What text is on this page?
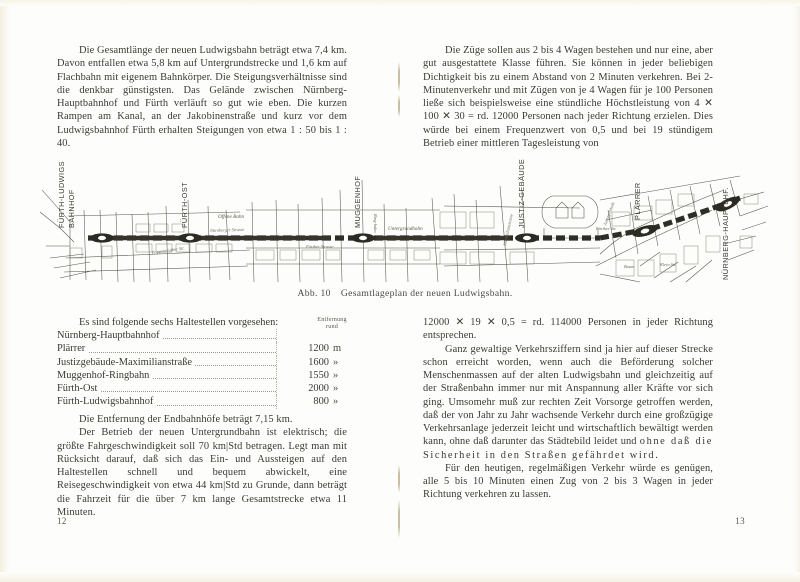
Die Gesamtlänge der neuen Ludwigsbahn beträgt etwa 7,4 km. Davon entfallen etwa 5,8 km auf Untergrundstrecke und 1,6 km auf Flachbahn mit eigenem Bahnkörper. Die Steigungsverhältnisse sind die denkbar günstigsten. Das Gelände zwischen Nürnberg-Hauptbahnhof und Fürth verläuft so gut wie eben. Die kurzen Rampen am Kanal, an der Jakobinenstraße und kurz vor dem Ludwigsbahnhof Fürth erhalten Steigungen von etwa 1 : 50 bis 1 : 40.

Die Züge sollen aus 2 bis 4 Wagen bestehen und nur eine, aber gut ausgestattete Klasse führen. Sie können in jeder beliebigen Dichtigkeit bis zu einem Abstand von 2 Minuten verkehren. Bei 2-Minutenverkehr und mit Zügen von je 4 Wagen für je 100 Personen ließe sich beispielsweise eine stündliche Höchstleistung von 4 ✕ 100 ✕ 30 = rd. 12000 Personen nach jeder Richtung erzielen. Dies würde bei einem Frequenzwert von 0,5 und bei 19 stündigem Betrieb einer mittleren Tagesleistung von

FÜRTH-LUDWIGS BAHNHOF	FÜRTH-OST	MUGGENHOF	JUSTIZ-GEBÄUDE	PLÄRRER	NÜRNBERG-HAUPTBHF.
Offene Bahn
Nürnberger Strasse	Untergrundbahn
Fürther Strasse
Ring-bahn	Fürther Str.
Poppenreuther Str.
Maximilianstrasse	Justizgebäude
Baum	Klein Str.
Abb. 10 Gesamtlageplan der neuen Ludwigsbahn.
Es sind folgende sechs Haltestellen vorgesehen:	Entfernung
rund
Nürnberg-Hauptbahnhof		

Plärrer	1200	m

Justizgebäude-Maximilianstraße	1600	»

Muggenhof-Ringbahn	1550	»

Fürth-Ost	2000	»

Fürth-Ludwigsbahnhof	800	»

Die Entfernung der Endbahnhöfe beträgt 7,15 km.

Der Betrieb der neuen Untergrundbahn ist elektrisch; die größte Fahrgeschwindigkeit soll 70 km|Std betragen. Legt man mit Rücksicht darauf, daß sich das Ein- und Aussteigen auf den Haltestellen schnell und bequem abwickelt, eine Reisegeschwindigkeit von etwa 44 km|Std zu Grunde, dann beträgt die Fahrzeit für die über 7 km lange Gesamtstrecke etwa 11 Minuten.

12000 ✕ 19 ✕ 0,5 = rd. 114000 Personen in jeder Richtung entsprechen.

Ganz gewaltige Verkehrsziffern sind ja hier auf dieser Strecke schon erreicht worden, wenn auch die Beförderung solcher Menschenmassen auf der alten Ludwigsbahn und gleichzeitig auf der Straßenbahn immer nur mit Anspannung aller Kräfte vor sich ging. Umsomehr muß zur rechten Zeit Vorsorge getroffen werden, daß der von Jahr zu Jahr wachsende Verkehr durch eine großzügige Verkehrsanlage jederzeit leicht und wirtschaftlich bewältigt werden kann, ohne daß darunter das Städtebild leidet und ohne daß die Sicherheit in den Straßen gefährdet wird.

Für den heutigen, regelmäßigen Verkehr würde es genügen, alle 5 bis 10 Minuten einen Zug von 2 bis 3 Wagen in jeder Richtung verkehren zu lassen.

12	13
